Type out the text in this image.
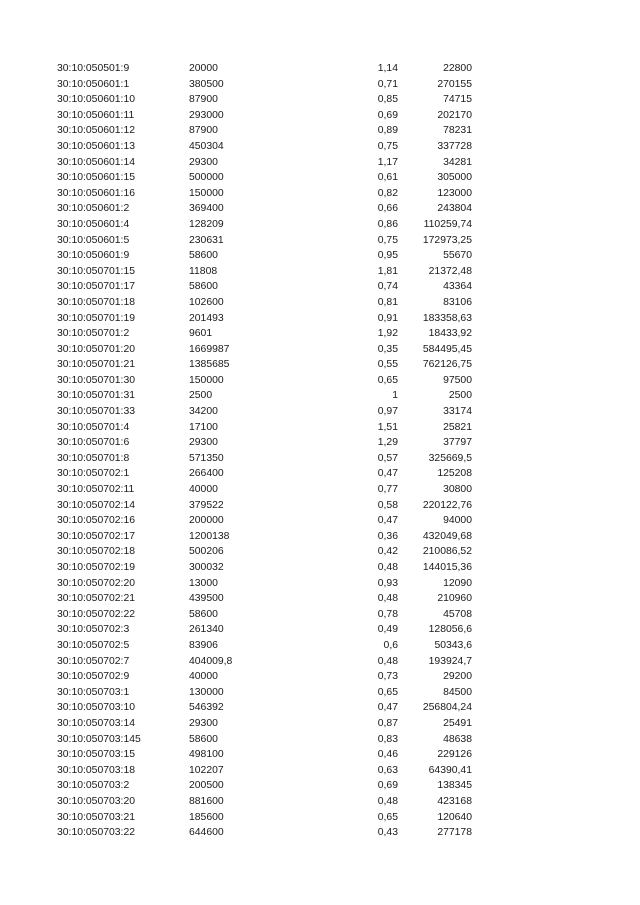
30:10:050501:9	20000	1,14	22800
30:10:050601:1	380500	0,71	270155
30:10:050601:10	87900	0,85	74715
30:10:050601:11	293000	0,69	202170
30:10:050601:12	87900	0,89	78231
30:10:050601:13	450304	0,75	337728
30:10:050601:14	29300	1,17	34281
30:10:050601:15	500000	0,61	305000
30:10:050601:16	150000	0,82	123000
30:10:050601:2	369400	0,66	243804
30:10:050601:4	128209	0,86	110259,74
30:10:050601:5	230631	0,75	172973,25
30:10:050601:9	58600	0,95	55670
30:10:050701:15	11808	1,81	21372,48
30:10:050701:17	58600	0,74	43364
30:10:050701:18	102600	0,81	83106
30:10:050701:19	201493	0,91	183358,63
30:10:050701:2	9601	1,92	18433,92
30:10:050701:20	1669987	0,35	584495,45
30:10:050701:21	1385685	0,55	762126,75
30:10:050701:30	150000	0,65	97500
30:10:050701:31	2500	1	2500
30:10:050701:33	34200	0,97	33174
30:10:050701:4	17100	1,51	25821
30:10:050701:6	29300	1,29	37797
30:10:050701:8	571350	0,57	325669,5
30:10:050702:1	266400	0,47	125208
30:10:050702:11	40000	0,77	30800
30:10:050702:14	379522	0,58	220122,76
30:10:050702:16	200000	0,47	94000
30:10:050702:17	1200138	0,36	432049,68
30:10:050702:18	500206	0,42	210086,52
30:10:050702:19	300032	0,48	144015,36
30:10:050702:20	13000	0,93	12090
30:10:050702:21	439500	0,48	210960
30:10:050702:22	58600	0,78	45708
30:10:050702:3	261340	0,49	128056,6
30:10:050702:5	83906	0,6	50343,6
30:10:050702:7	404009,8	0,48	193924,7
30:10:050702:9	40000	0,73	29200
30:10:050703:1	130000	0,65	84500
30:10:050703:10	546392	0,47	256804,24
30:10:050703:14	29300	0,87	25491
30:10:050703:145	58600	0,83	48638
30:10:050703:15	498100	0,46	229126
30:10:050703:18	102207	0,63	64390,41
30:10:050703:2	200500	0,69	138345
30:10:050703:20	881600	0,48	423168
30:10:050703:21	185600	0,65	120640
30:10:050703:22	644600	0,43	277178
